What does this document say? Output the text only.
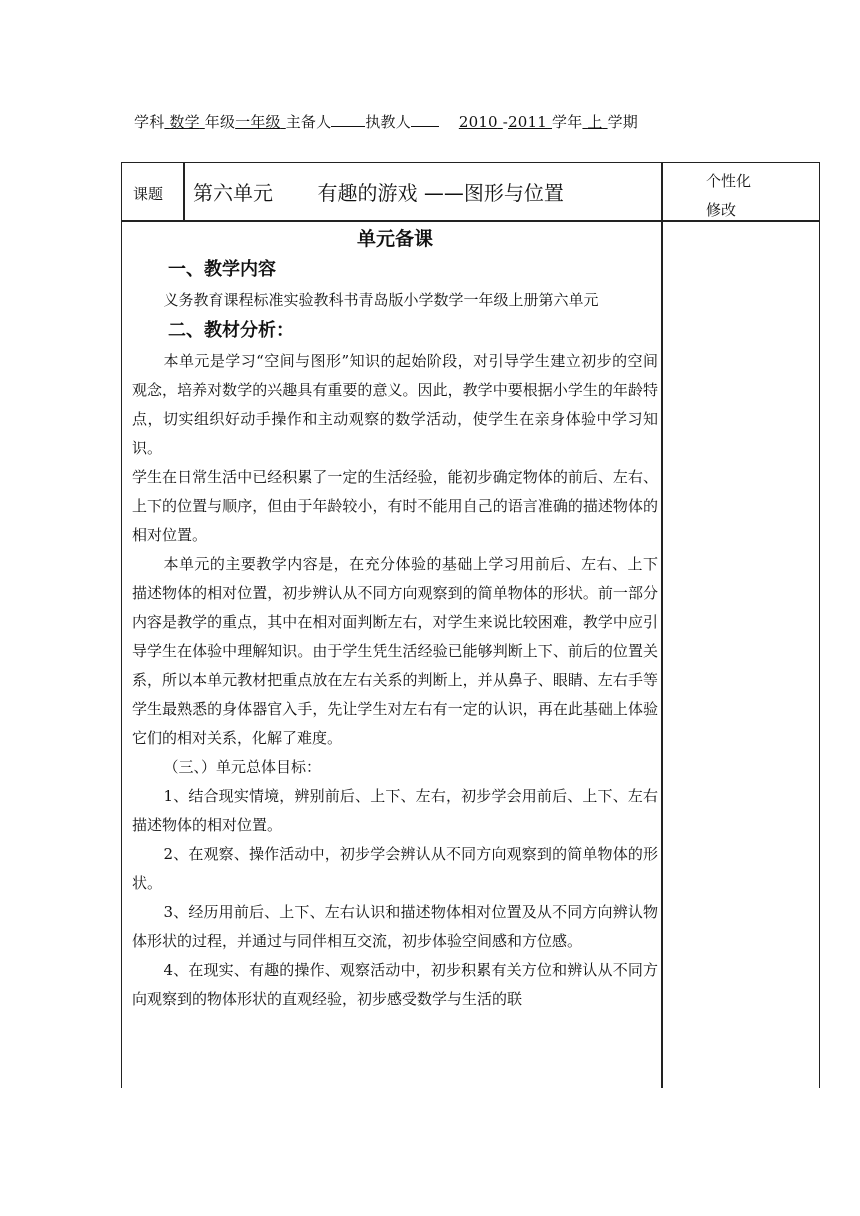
学科 数学 年级一年级 主备人 执教人	2010 -2011 学年 上 学期
课题 第六单元       有趣的游戏 ——图形与位置	个性化
修改

单元备课

一、教学内容

义务教育课程标准实验教科书青岛版小学数学一年级上册第六单元

二、教材分析：

本单元是学习“空间与图形”知识的起始阶段，对引导学生建立初步的空间观念，培养对数学的兴趣具有重要的意义。因此，教学中要根据小学生的年龄特点，切实组织好动手操作和主动观察的数学活动，使学生在亲身体验中学习知识。

学生在日常生活中已经积累了一定的生活经验，能初步确定物体的前后、左右、上下的位置与顺序，但由于年龄较小，有时不能用自己的语言准确的描述物体的相对位置。

本单元的主要教学内容是，在充分体验的基础上学习用前后、左右、上下描述物体的相对位置，初步辨认从不同方向观察到的简单物体的形状。前一部分内容是教学的重点，其中在相对面判断左右，对学生来说比较困难，教学中应引导学生在体验中理解知识。由于学生凭生活经验已能够判断上下、前后的位置关系，所以本单元教材把重点放在左右关系的判断上，并从鼻子、眼睛、左右手等学生最熟悉的身体器官入手，先让学生对左右有一定的认识，再在此基础上体验它们的相对关系，化解了难度。

（三、）单元总体目标：

1、结合现实情境，辨别前后、上下、左右，初步学会用前后、上下、左右描述物体的相对位置。

2、在观察、操作活动中，初步学会辨认从不同方向观察到的简单物体的形状。

3、经历用前后、上下、左右认识和描述物体相对位置及从不同方向辨认物体形状的过程，并通过与同伴相互交流，初步体验空间感和方位感。

4、在现实、有趣的操作、观察活动中，初步积累有关方位和辨认从不同方向观察到的物体形状的直观经验，初步感受数学与生活的联
